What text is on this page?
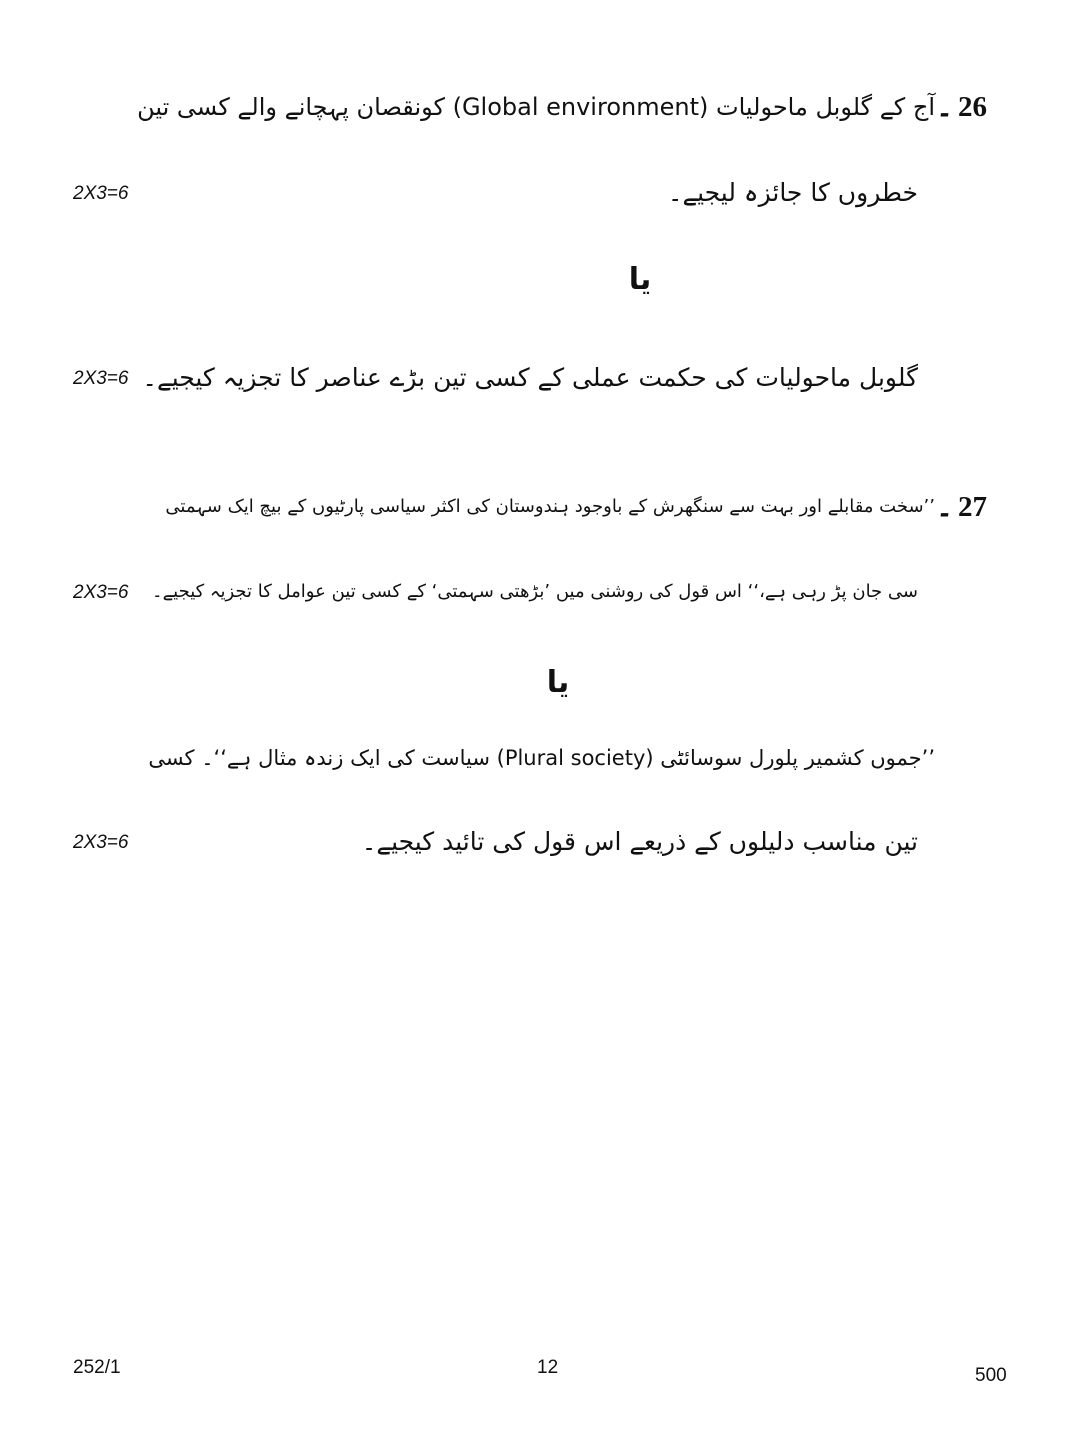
26
۔
آج کے گلوبل ماحولیات (Global environment) کونقصان پہچانے والے کسی تین
خطروں کا جائزہ لیجیے۔
2X3=6
یا
گلوبل ماحولیات کی حکمت عملی کے کسی تین بڑے عناصر کا تجزیہ کیجیے۔
2X3=6
27
۔
’’سخت مقابلے اور بہت سے سنگھرش کے باوجود ہندوستان کی اکثر سیاسی پارٹیوں کے بیچ ایک سہمتی
سی جان پڑ رہی ہے،‘‘ اس قول کی روشنی میں ’بڑھتی سہمتی‘ کے کسی تین عوامل کا تجزیہ کیجیے۔
2X3=6
یا
’’جموں کشمیر پلورل سوسائٹی (Plural society) سیاست کی ایک زندہ مثال ہے‘‘۔ کسی
تین مناسب دلیلوں کے ذریعے اس قول کی تائید کیجیے۔
2X3=6
252/1	12	500
